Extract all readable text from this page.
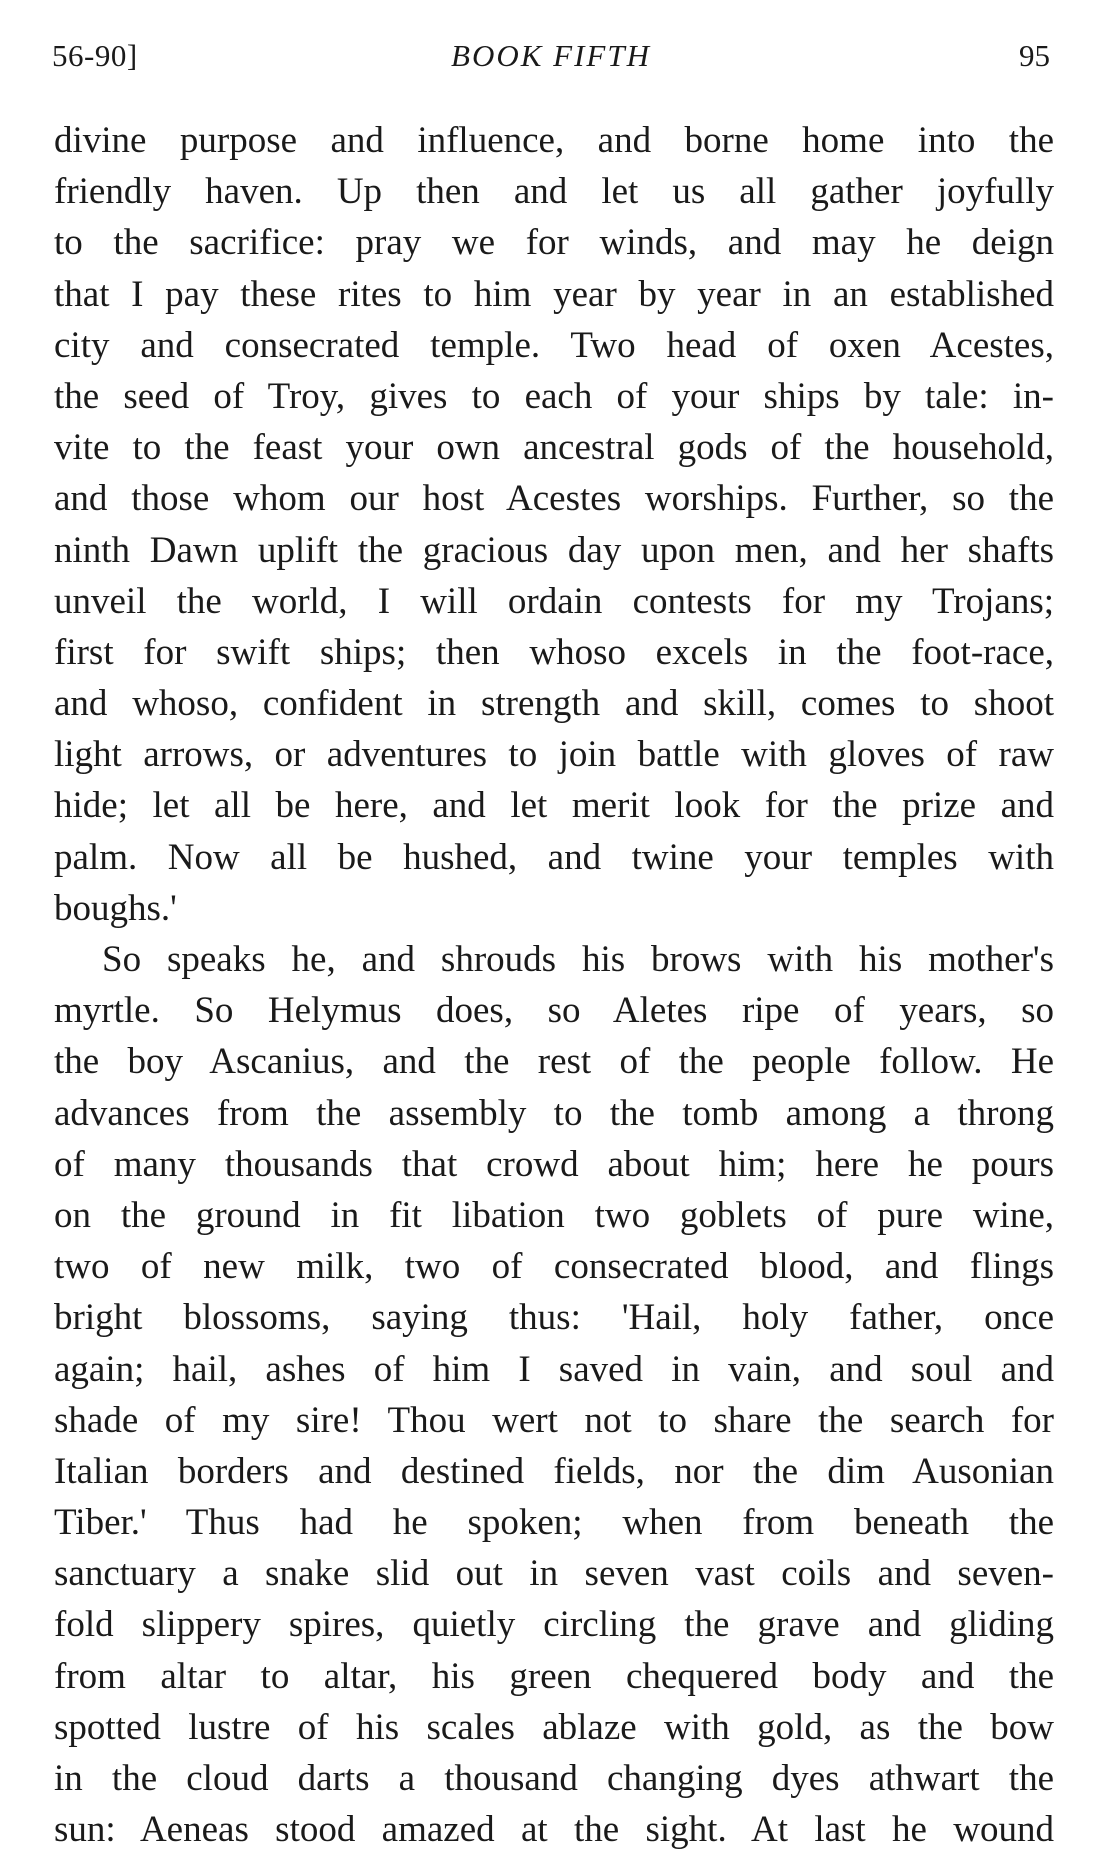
56-90]	BOOK FIFTH	95
divine purpose and influence, and borne home into the
friendly haven. Up then and let us all gather joyfully
to the sacrifice: pray we for winds, and may he deign
that I pay these rites to him year by year in an established
city and consecrated temple. Two head of oxen Acestes,
the seed of Troy, gives to each of your ships by tale: in-
vite to the feast your own ancestral gods of the household,
and those whom our host Acestes worships. Further, so the
ninth Dawn uplift the gracious day upon men, and her shafts
unveil the world, I will ordain contests for my Trojans;
first for swift ships; then whoso excels in the foot-race,
and whoso, confident in strength and skill, comes to shoot
light arrows, or adventures to join battle with gloves of raw
hide; let all be here, and let merit look for the prize and
palm. Now all be hushed, and twine your temples with
boughs.'
So speaks he, and shrouds his brows with his mother's
myrtle. So Helymus does, so Aletes ripe of years, so
the boy Ascanius, and the rest of the people follow. He
advances from the assembly to the tomb among a throng
of many thousands that crowd about him; here he pours
on the ground in fit libation two goblets of pure wine,
two of new milk, two of consecrated blood, and flings
bright blossoms, saying thus: 'Hail, holy father, once
again; hail, ashes of him I saved in vain, and soul and
shade of my sire! Thou wert not to share the search for
Italian borders and destined fields, nor the dim Ausonian
Tiber.' Thus had he spoken; when from beneath the
sanctuary a snake slid out in seven vast coils and seven-
fold slippery spires, quietly circling the grave and gliding
from altar to altar, his green chequered body and the
spotted lustre of his scales ablaze with gold, as the bow
in the cloud darts a thousand changing dyes athwart the
sun: Aeneas stood amazed at the sight. At last he wound
